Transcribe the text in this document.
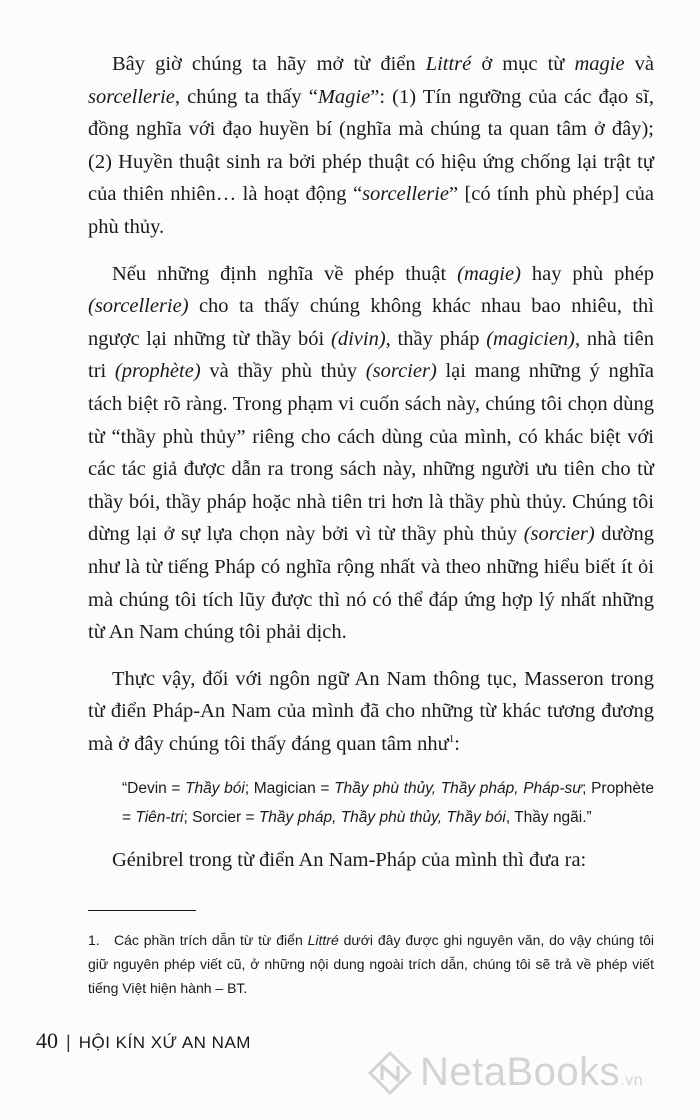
Bây giờ chúng ta hãy mở từ điển Littré ở mục từ magie và sorcellerie, chúng ta thấy “Magie”: (1) Tín ngưỡng của các đạo sĩ, đồng nghĩa với đạo huyền bí (nghĩa mà chúng ta quan tâm ở đây); (2) Huyền thuật sinh ra bởi phép thuật có hiệu ứng chống lại trật tự của thiên nhiên… là hoạt động “sorcellerie” [có tính phù phép] của phù thủy.

Nếu những định nghĩa về phép thuật (magie) hay phù phép (sorcellerie) cho ta thấy chúng không khác nhau bao nhiêu, thì ngược lại những từ thầy bói (divin), thầy pháp (magicien), nhà tiên tri (prophète) và thầy phù thủy (sorcier) lại mang những ý nghĩa tách biệt rõ ràng. Trong phạm vi cuốn sách này, chúng tôi chọn dùng từ “thầy phù thủy” riêng cho cách dùng của mình, có khác biệt với các tác giả được dẫn ra trong sách này, những người ưu tiên cho từ thầy bói, thầy pháp hoặc nhà tiên tri hơn là thầy phù thủy. Chúng tôi dừng lại ở sự lựa chọn này bởi vì từ thầy phù thủy (sorcier) dường như là từ tiếng Pháp có nghĩa rộng nhất và theo những hiểu biết ít ỏi mà chúng tôi tích lũy được thì nó có thể đáp ứng hợp lý nhất những từ An Nam chúng tôi phải dịch.

Thực vậy, đối với ngôn ngữ An Nam thông tục, Masseron trong từ điển Pháp-An Nam của mình đã cho những từ khác tương đương mà ở đây chúng tôi thấy đáng quan tâm như$^1$:

“Devin = Thầy bói; Magician = Thầy phù thủy, Thầy pháp, Pháp-sư; Prophète = Tiên-tri; Sorcier = Thầy pháp, Thầy phù thủy, Thầy bói, Thầy ngãi.”

Génibrel trong từ điển An Nam-Pháp của mình thì đưa ra:

1. Các phần trích dẫn từ từ điển Littré dưới đây được ghi nguyên văn, do vậy chúng tôi giữ nguyên phép viết cũ, ở những nội dung ngoài trích dẫn, chúng tôi sẽ trả về phép viết tiếng Việt hiện hành – BT.
40 | HỘI KÍN XỨ AN NAM
NetaBooks.vn
